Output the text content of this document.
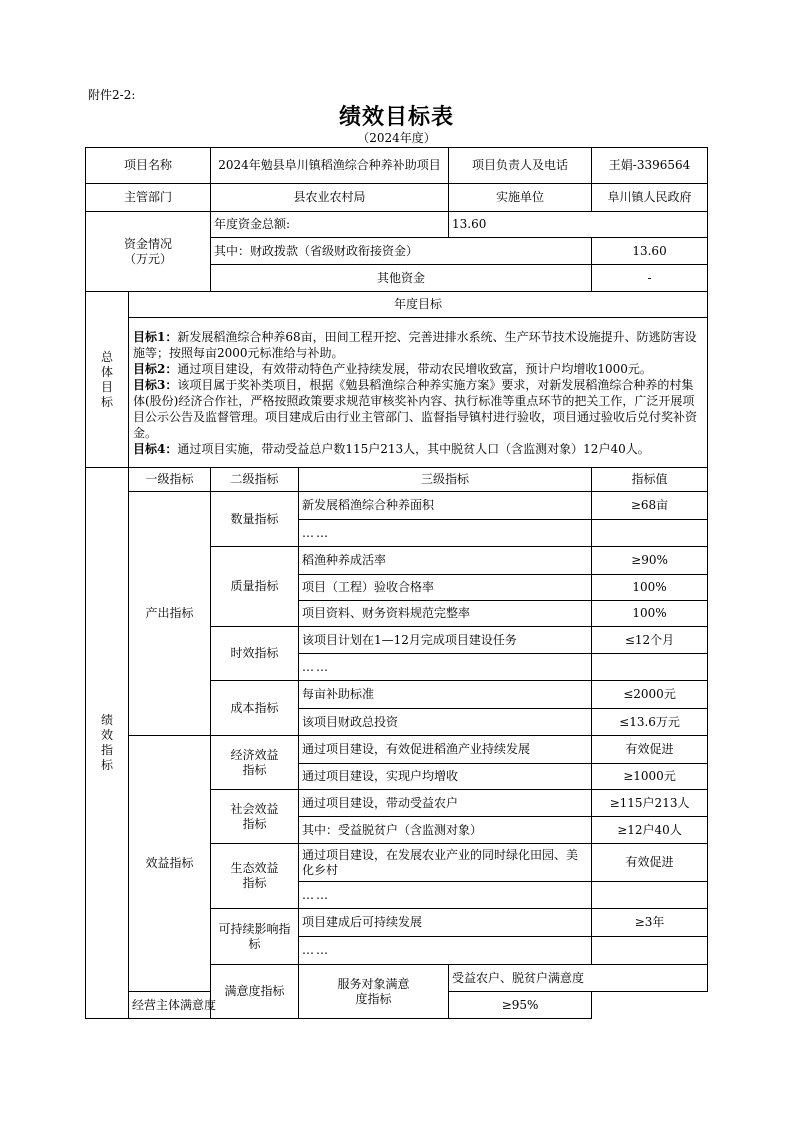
附件2-2:
绩效目标表
（2024年度）
项目名称		2024年勉县阜川镇稻渔综合种养补助项目		项目负责人及电话	王娟-3396564	
主管部门		县农业农村局		实施单位	阜川镇人民政府	
资金情况（万元）		年度资金总额:		13.60		
		其中：财政拨款（省级财政衔接资金）			13.60	
		其他资金			-	
总体目标	年度目标					

	目标1：新发展稻渔综合种养68亩，田间工程开挖、完善进排水系统、生产环节技术设施提升、防逃防害设施等；按照每亩2000元标准给与补助。

目标2：通过项目建设，有效带动特色产业持续发展，带动农民增收致富，预计户均增收1000元。

目标3：该项目属于奖补类项目，根据《勉县稻渔综合种养实施方案》要求，对新发展稻渔综合种养的村集体(股份)经济合作社，严格按照政策要求规范审核奖补内容、执行标准等重点环节的把关工作，广泛开展项目公示公告及监督管理。项目建成后由行业主管部门、监督指导镇村进行验收，项目通过验收后兑付奖补资金。

目标4：通过项目实施，带动受益总户数115户213人，其中脱贫人口（含监测对象）12户40人。					

绩效指标	一级指标	二级指标	三级指标		指标值	
	产出指标	数量指标	新发展稻渔综合种养面积		≥68亩	
			……			
		质量指标	稻渔种养成活率		≥90%	
			项目（工程）验收合格率		100%	
			项目资料、财务资料规范完整率		100%	
		时效指标	该项目计划在1—12月完成项目建设任务		≤12个月	
			……			
		成本指标	每亩补助标准		≤2000元	
			该项目财政总投资		≤13.6万元	
	效益指标	经济效益指标	通过项目建设，有效促进稻渔产业持续发展		有效促进	
			通过项目建设，实现户均增收		≥1000元	
		社会效益指标	通过项目建设，带动受益农户		≥115户213人	
			其中：受益脱贫户（含监测对象）		≥12户40人	
		生态效益指标	通过项目建设，在发展农业产业的同时绿化田园、美化乡村		有效促进	
			……			
		可持续影响指标	项目建成后可持续发展		≥3年	
			……			
		满意度指标	服务对象满意度指标	受益农户、脱贫户满意度	
	经营主体满意度			≥95%		
